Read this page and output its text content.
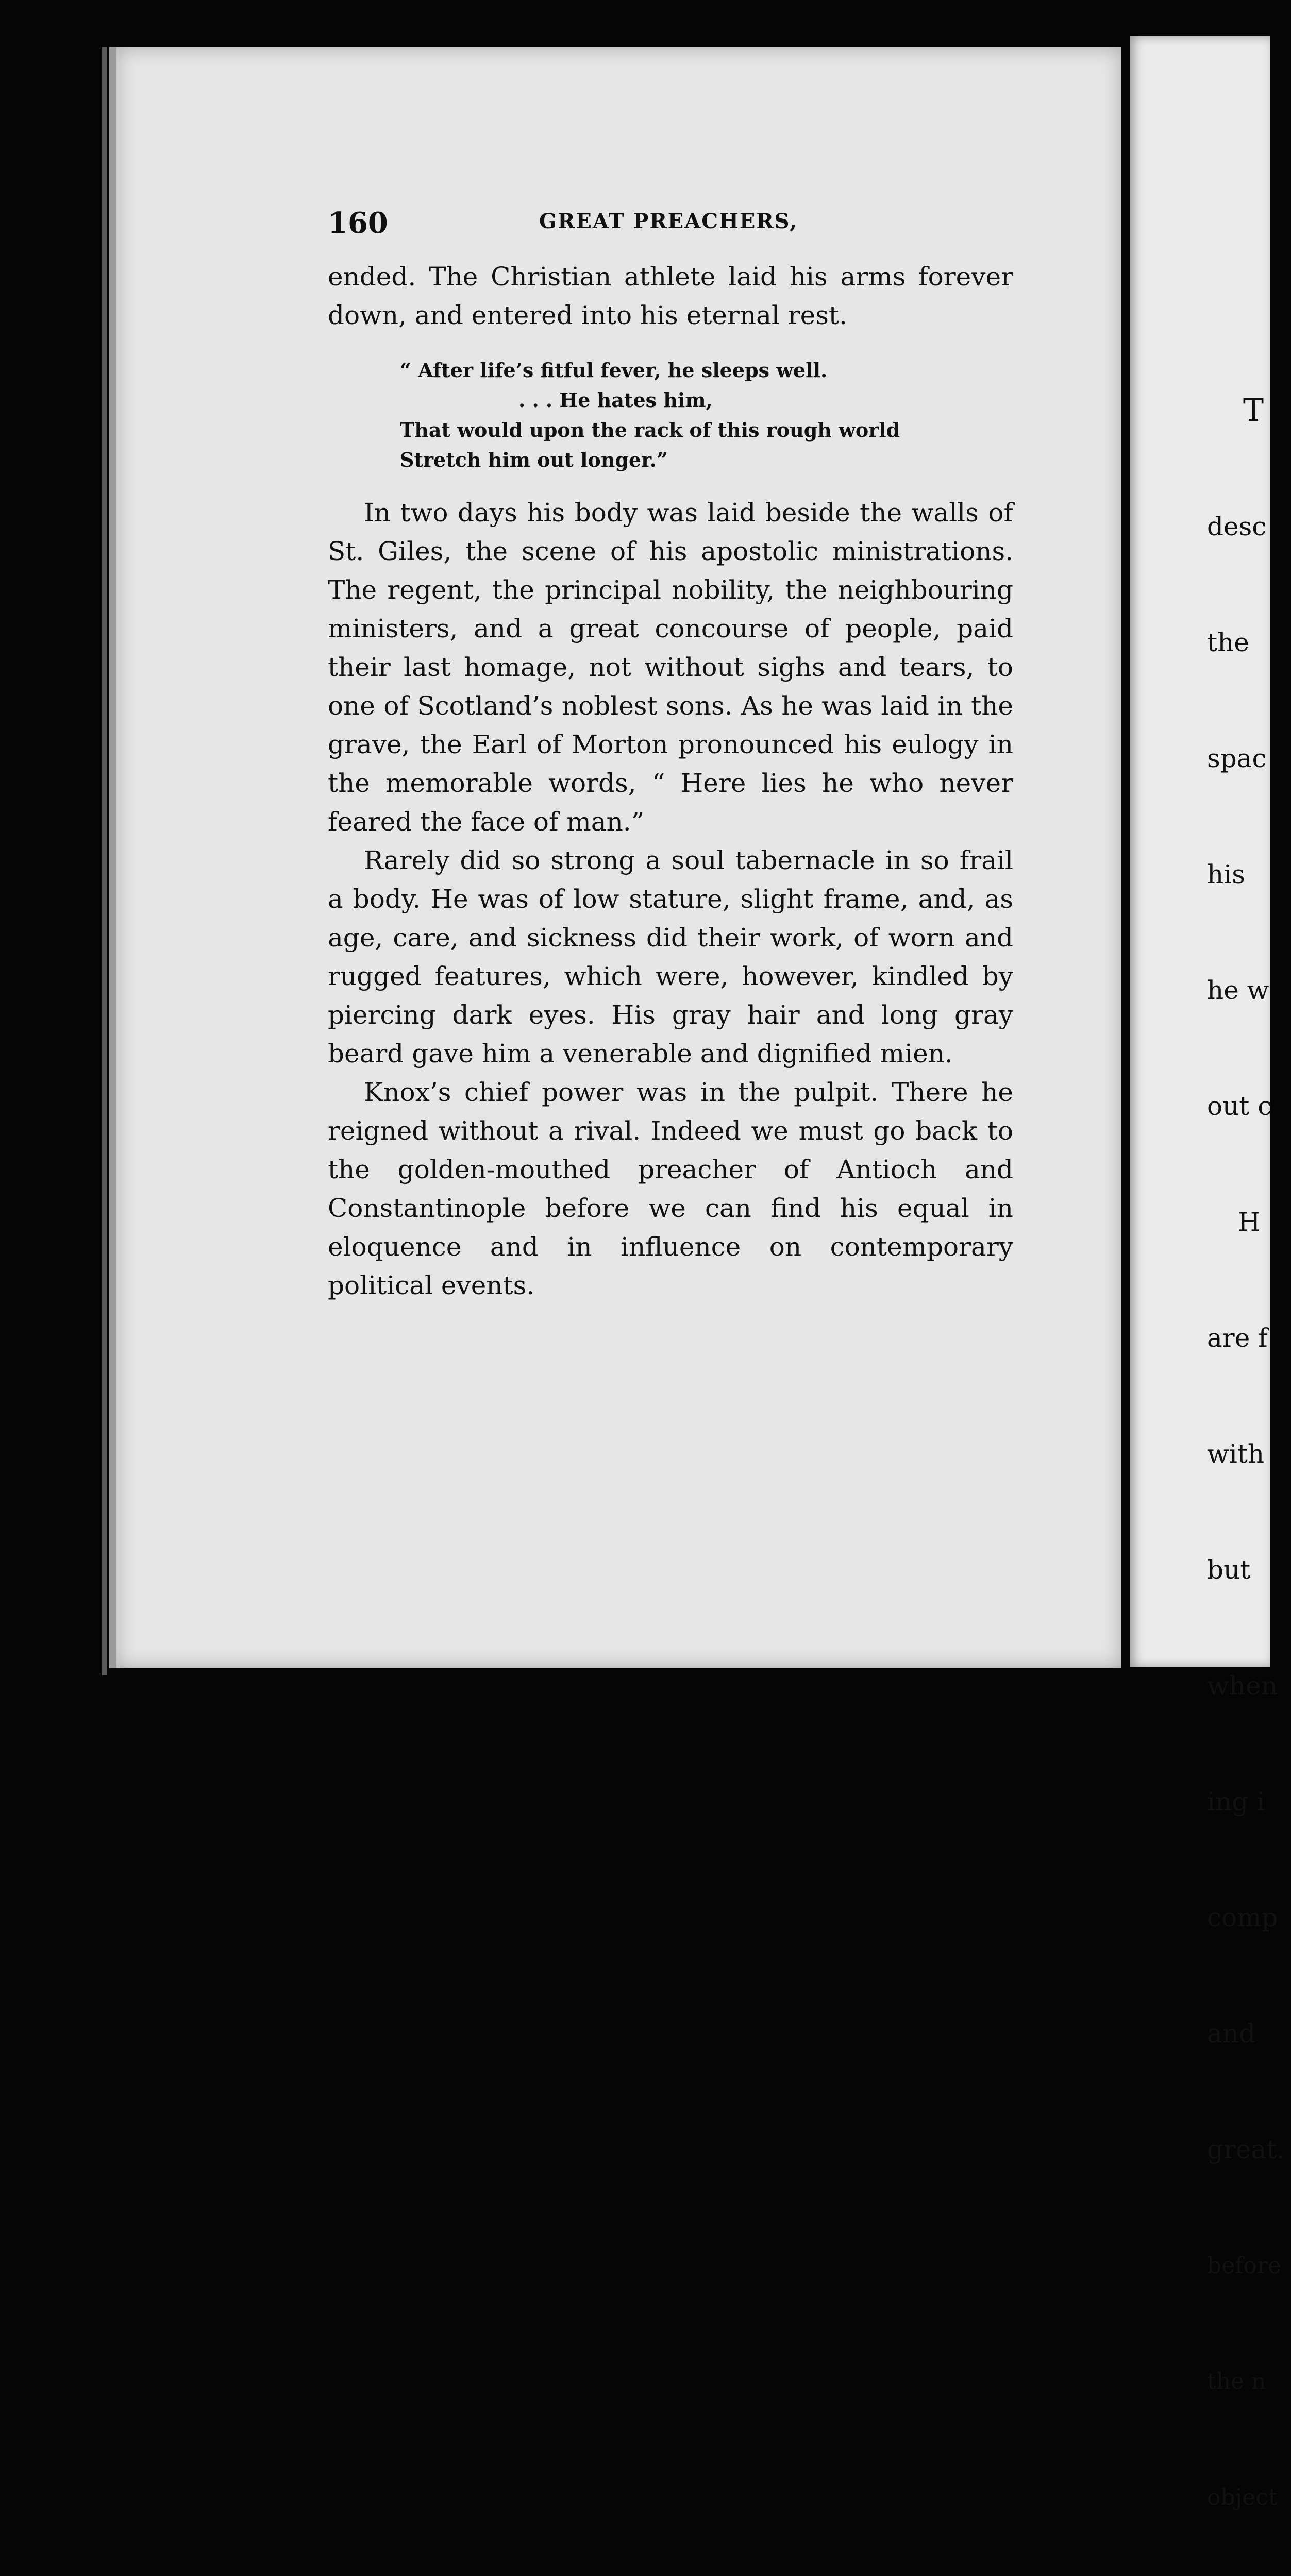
160	GREAT PREACHERS,

ended. The Christian athlete laid his arms forever down, and entered into his eternal rest.

“ After life’s fitful fever, he sleeps well.
. . . He hates him,
That would upon the rack of this rough world
Stretch him out longer.”

In two days his body was laid beside the walls of St. Giles, the scene of his apostolic ministrations. The regent, the principal nobility, the neighbouring ministers, and a great concourse of people, paid their last homage, not without sighs and tears, to one of Scotland’s noblest sons. As he was laid in the grave, the Earl of Morton pronounced his eulogy in the memorable words, “ Here lies he who never feared the face of man.”

Rarely did so strong a soul tabernacle in so frail a body. He was of low stature, slight frame, and, as age, care, and sickness did their work, of worn and rugged features, which were, however, kindled by piercing dark eyes. His gray hair and long gray beard gave him a venerable and dignified mien.

Knox’s chief power was in the pulpit. There he reigned without a rival. Indeed we must go back to the golden-mouthed preacher of Antioch and Constantinople before we can find his equal in eloquence and in influence on contemporary political events.

T

desc

the

spac

his

he w

out c

H

are f

with

but

when

ing i

comp

and

great.

before

the n

object
